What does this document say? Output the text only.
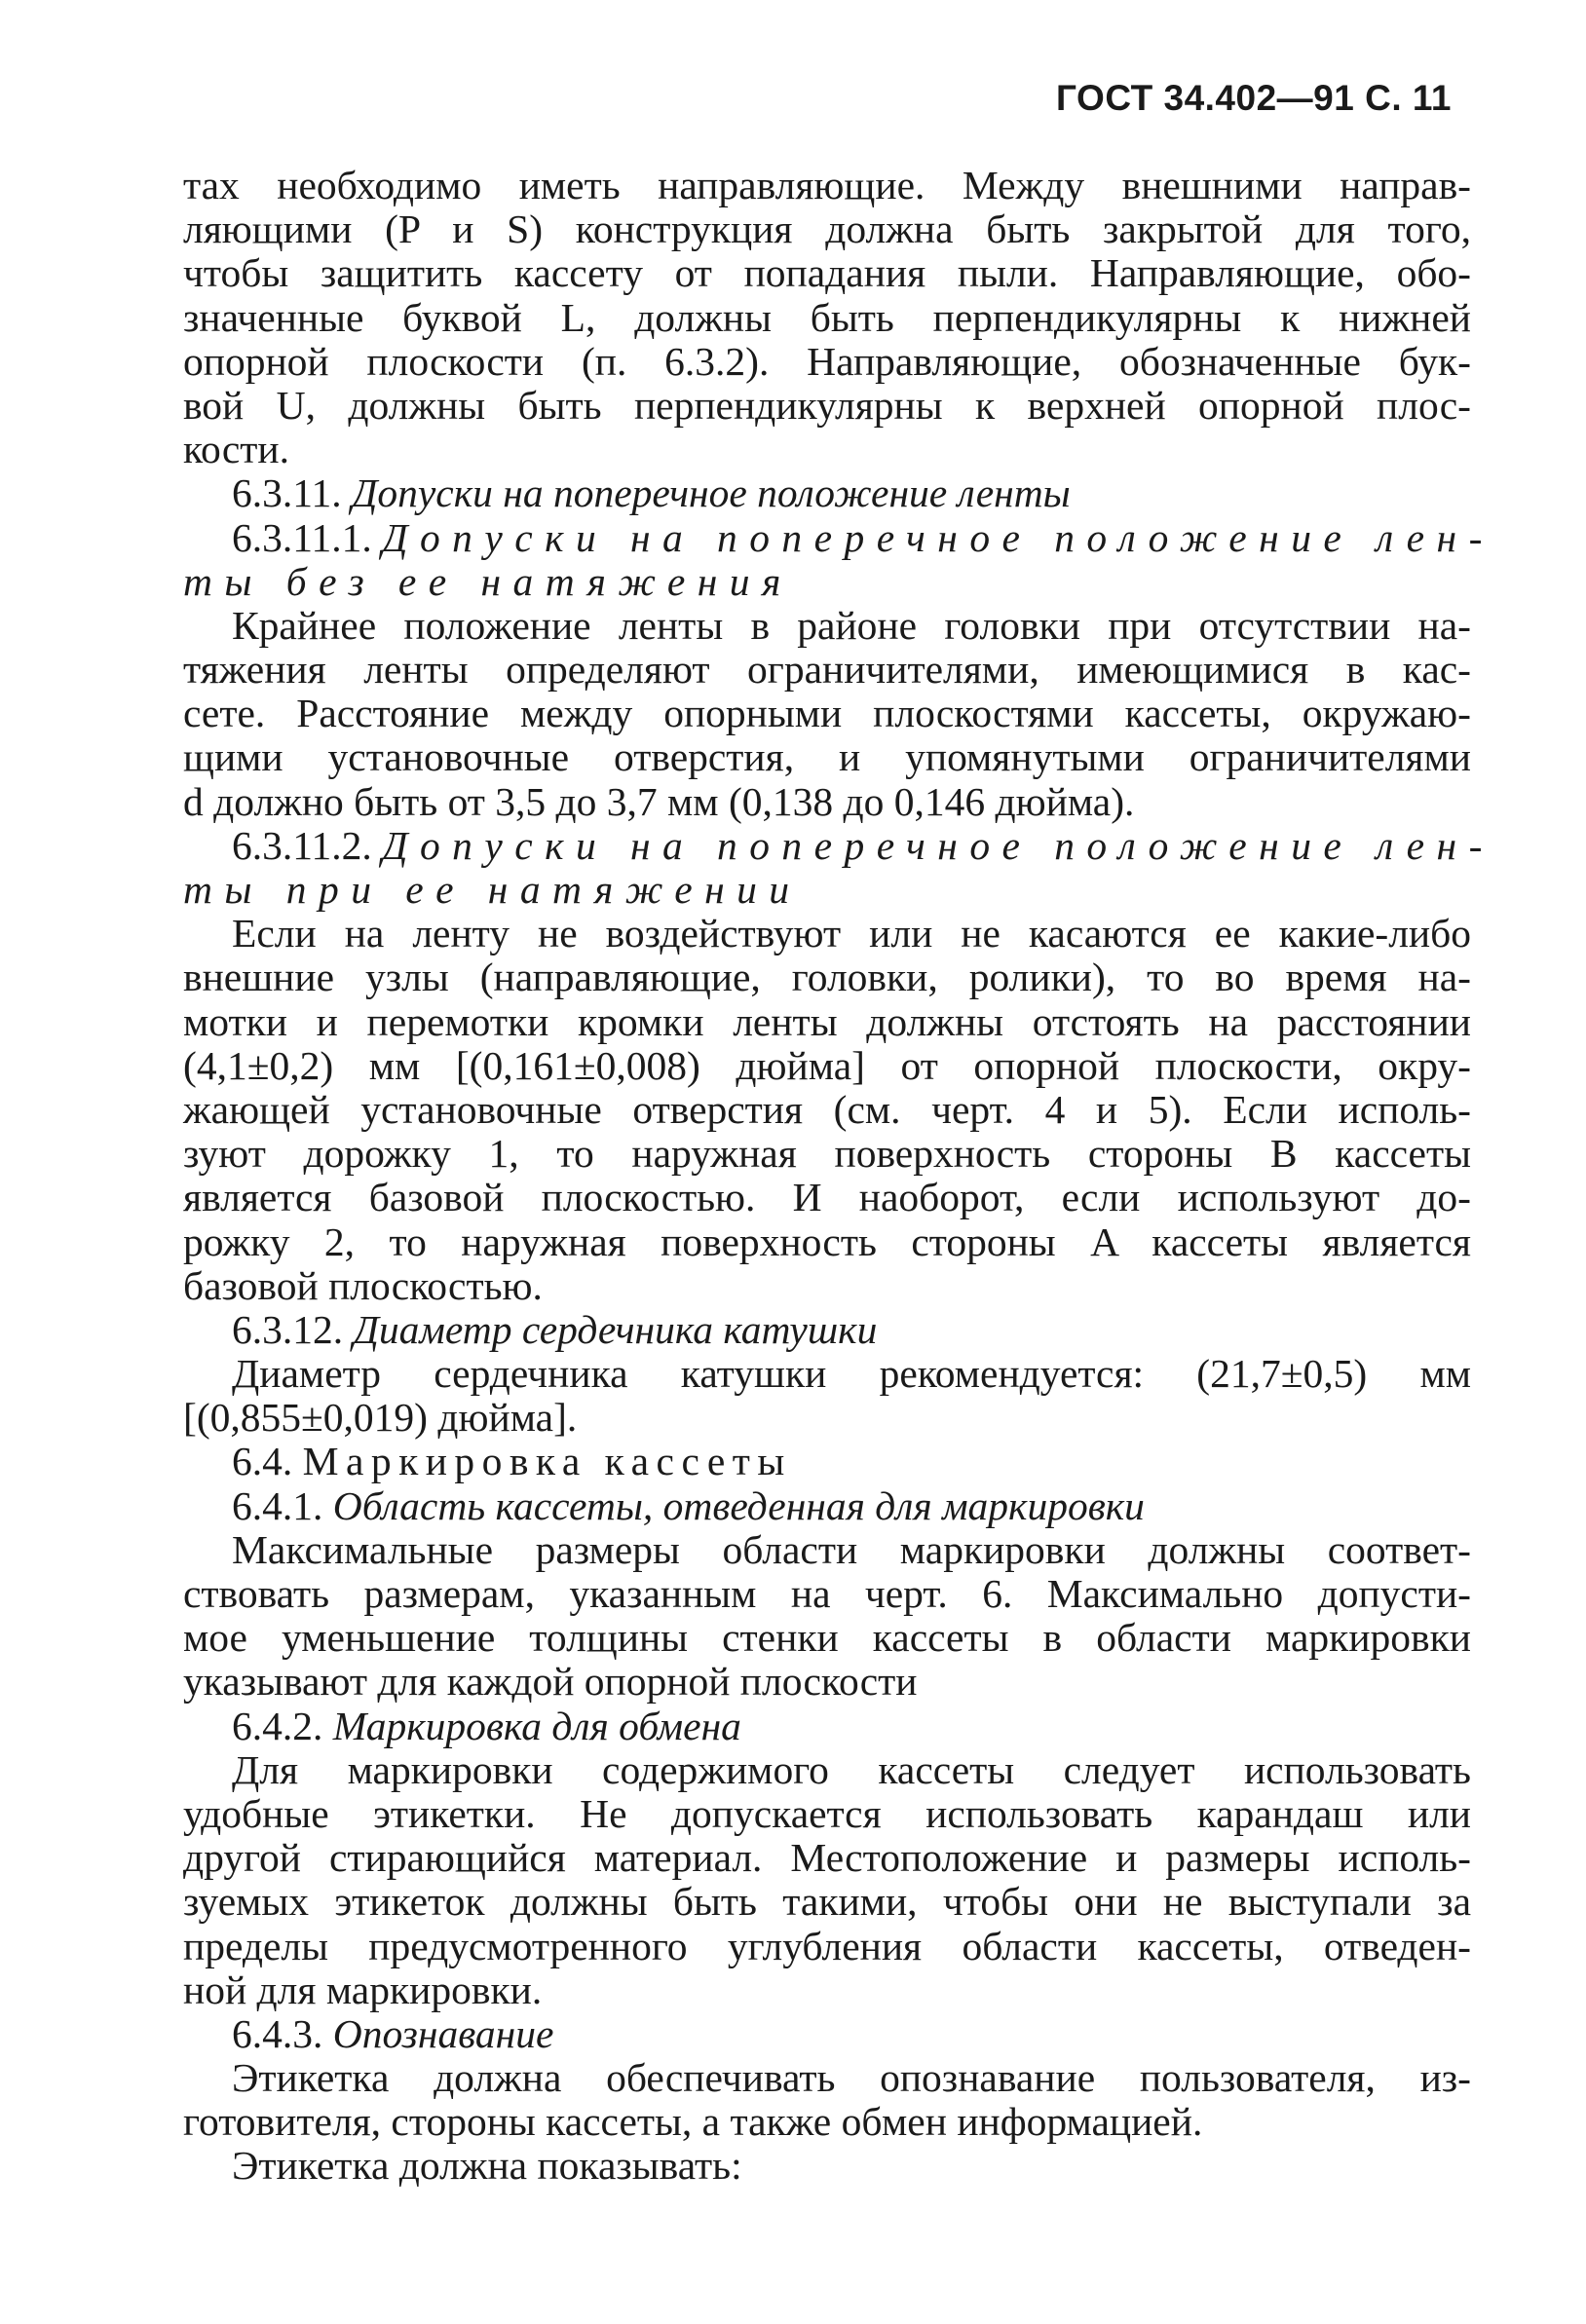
ГОСТ 34.402—91 С. 11
тах необходимо иметь направляющие. Между внешними направ-
ляющими (P и S) конструкция должна быть закрытой для того,
чтобы защитить кассету от попадания пыли. Направляющие, обо-
значенные буквой L, должны быть перпендикулярны к нижней
опорной плоскости (п. 6.3.2). Направляющие, обозначенные бук-
вой U, должны быть перпендикулярны к верхней опорной плос-
кости.
6.3.11. Допуски на поперечное положение ленты
6.3.11.1. Допуски на поперечное положение лен-
ты без ее натяжения
Крайнее положение ленты в районе головки при отсутствии на-
тяжения ленты определяют ограничителями, имеющимися в кас-
сете. Расстояние между опорными плоскостями кассеты, окружаю-
щими установочные отверстия, и упомянутыми ограничителями
d должно быть от 3,5 до 3,7 мм (0,138 до 0,146 дюйма).
6.3.11.2. Допуски на поперечное положение лен-
ты при ее натяжении
Если на ленту не воздействуют или не касаются ее какие-либо
внешние узлы (направляющие, головки, ролики), то во время на-
мотки и перемотки кромки ленты должны отстоять на расстоянии
(4,1±0,2) мм [(0,161±0,008) дюйма] от опорной плоскости, окру-
жающей установочные отверстия (см. черт. 4 и 5). Если исполь-
зуют дорожку 1, то наружная поверхность стороны B кассеты
является базовой плоскостью. И наоборот, если используют до-
рожку 2, то наружная поверхность стороны A кассеты является
базовой плоскостью.
6.3.12. Диаметр сердечника катушки
Диаметр сердечника катушки рекомендуется: (21,7±0,5) мм
[(0,855±0,019) дюйма].
6.4. Маркировка кассеты
6.4.1. Область кассеты, отведенная для маркировки
Максимальные размеры области маркировки должны соответ-
ствовать размерам, указанным на черт. 6. Максимально допусти-
мое уменьшение толщины стенки кассеты в области маркировки
указывают для каждой опорной плоскости
6.4.2. Маркировка для обмена
Для маркировки содержимого кассеты следует использовать
удобные этикетки. Не допускается использовать карандаш или
другой стирающийся материал. Местоположение и размеры исполь-
зуемых этикеток должны быть такими, чтобы они не выступали за
пределы предусмотренного углубления области кассеты, отведен-
ной для маркировки.
6.4.3. Опознавание
Этикетка должна обеспечивать опознавание пользователя, из-
готовителя, стороны кассеты, а также обмен информацией.
Этикетка должна показывать:
